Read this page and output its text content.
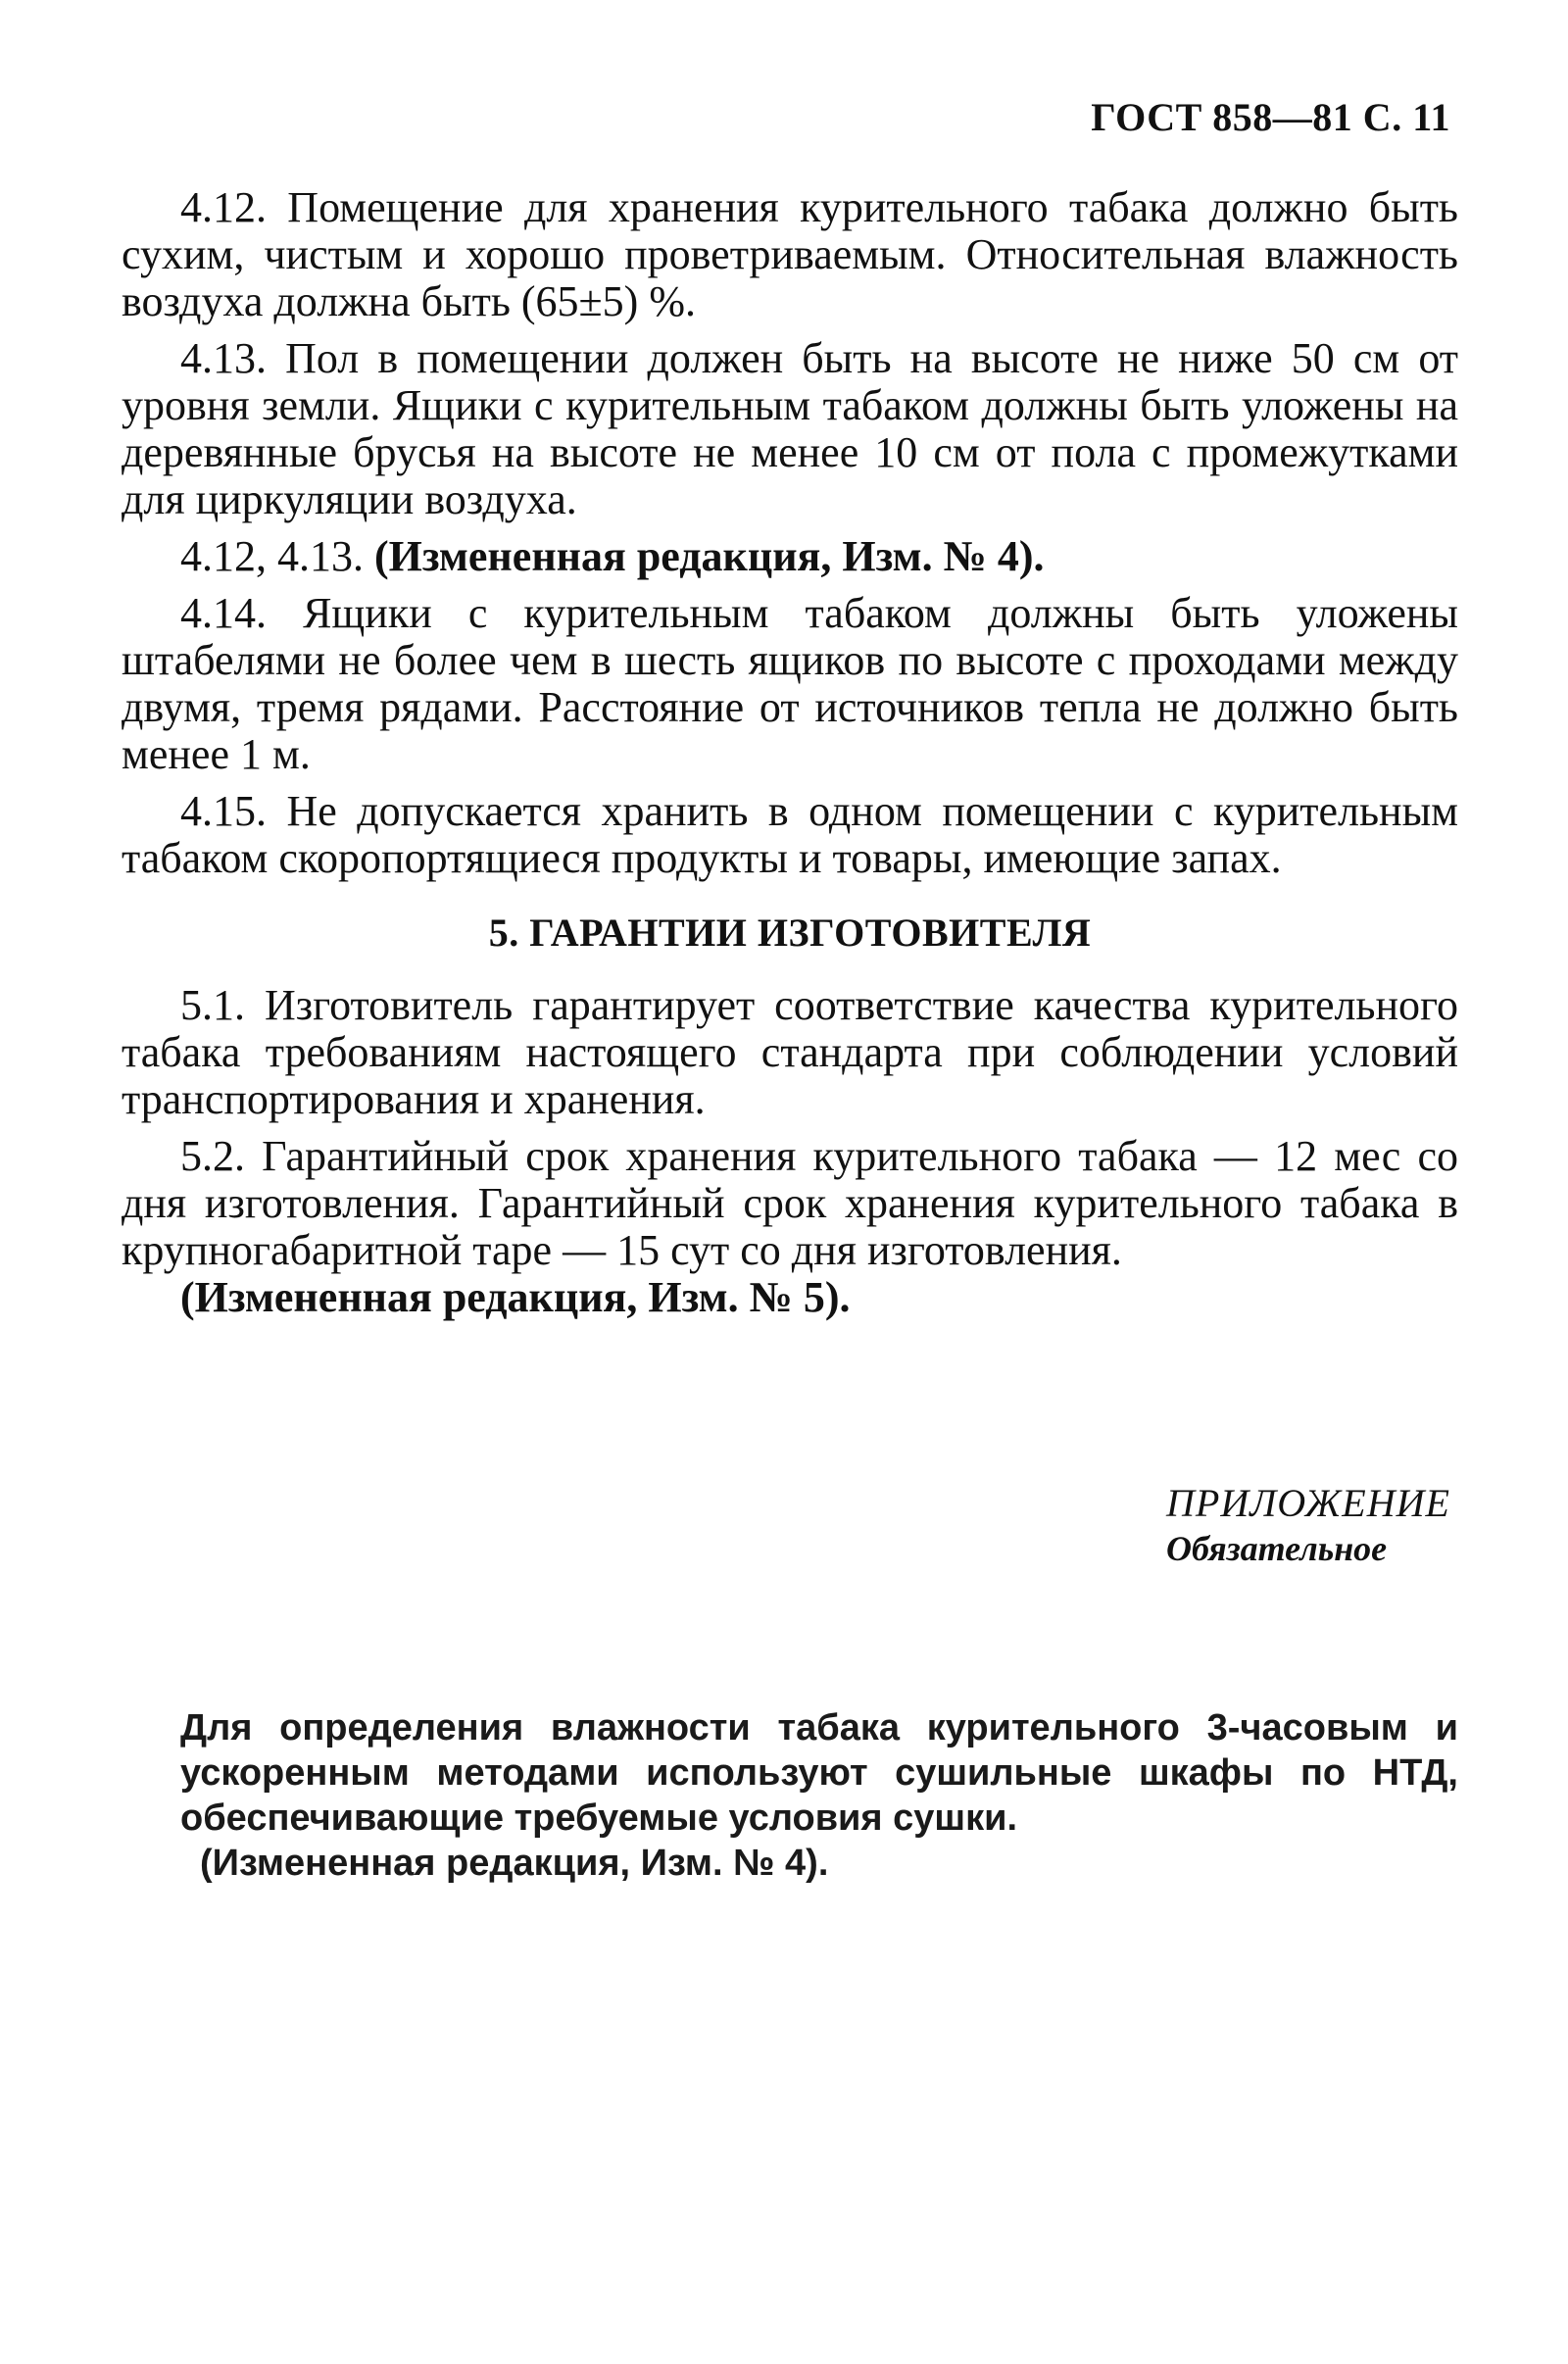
ГОСТ 858—81 С. 11

4.12. Помещение для хранения курительного табака должно быть сухим, чистым и хорошо проветриваемым. Относительная влажность воздуха должна быть (65±5) %.

4.13. Пол в помещении должен быть на высоте не ниже 50 см от уровня земли. Ящики с курительным табаком должны быть уложены на деревянные брусья на высоте не менее 10 см от пола с промежутками для циркуляции воздуха.

4.12, 4.13. (Измененная редакция, Изм. № 4).

4.14. Ящики с курительным табаком должны быть уложены штабелями не более чем в шесть ящиков по высоте с проходами между двумя, тремя рядами. Расстояние от источников тепла не должно быть менее 1 м.

4.15. Не допускается хранить в одном помещении с курительным табаком скоропортящиеся продукты и товары, имеющие запах.

5. ГАРАНТИИ ИЗГОТОВИТЕЛЯ

5.1. Изготовитель гарантирует соответствие качества курительного табака требованиям настоящего стандарта при соблюдении условий транспортирования и хранения.

5.2. Гарантийный срок хранения курительного табака — 12 мес со дня изготовления. Гарантийный срок хранения курительного табака в крупногабаритной таре — 15 сут со дня изготовления.

(Измененная редакция, Изм. № 5).

ПРИЛОЖЕНИЕ
Обязательное

Для определения влажности табака курительного 3-часовым и ускоренным методами используют сушильные шкафы по НТД, обеспечивающие требуемые условия сушки.

(Измененная редакция, Изм. № 4).
